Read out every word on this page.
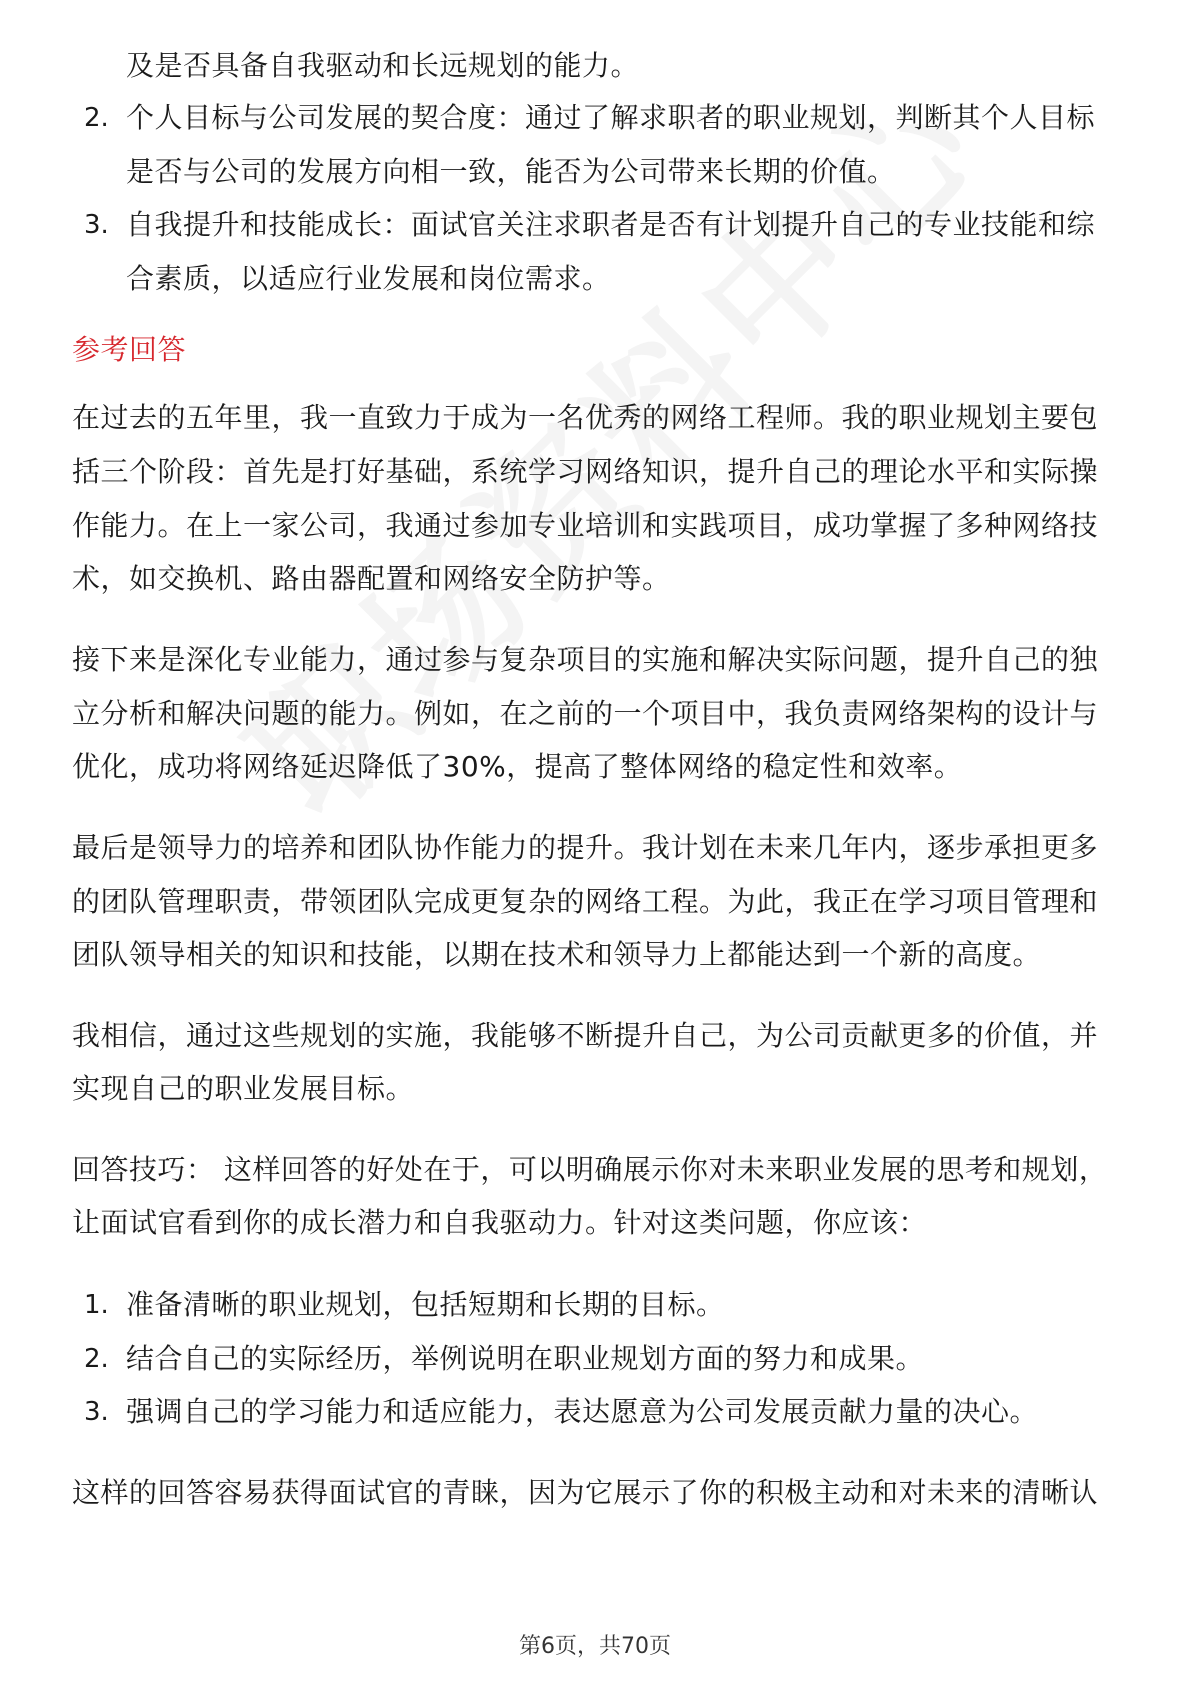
及是否具备自我驱动和长远规划的能力。
2. 个人目标与公司发展的契合度：通过了解求职者的职业规划，判断其个人目标
是否与公司的发展方向相一致，能否为公司带来长期的价值。
3. 自我提升和技能成长：面试官关注求职者是否有计划提升自己的专业技能和综
合素质，以适应行业发展和岗位需求。
参考回答
在过去的五年里，我一直致力于成为一名优秀的网络工程师。我的职业规划主要包
括三个阶段：首先是打好基础，系统学习网络知识，提升自己的理论水平和实际操
作能力。在上一家公司，我通过参加专业培训和实践项目，成功掌握了多种网络技
术，如交换机、路由器配置和网络安全防护等。
接下来是深化专业能力，通过参与复杂项目的实施和解决实际问题，提升自己的独
立分析和解决问题的能力。例如，在之前的一个项目中，我负责网络架构的设计与
优化，成功将网络延迟降低了30%，提高了整体网络的稳定性和效率。
最后是领导力的培养和团队协作能力的提升。我计划在未来几年内，逐步承担更多
的团队管理职责，带领团队完成更复杂的网络工程。为此，我正在学习项目管理和
团队领导相关的知识和技能，以期在技术和领导力上都能达到一个新的高度。
我相信，通过这些规划的实施，我能够不断提升自己，为公司贡献更多的价值，并
实现自己的职业发展目标。
回答技巧： 这样回答的好处在于，可以明确展示你对未来职业发展的思考和规划，
让面试官看到你的成长潜力和自我驱动力。针对这类问题，你应该：
1. 准备清晰的职业规划，包括短期和长期的目标。
2. 结合自己的实际经历，举例说明在职业规划方面的努力和成果。
3. 强调自己的学习能力和适应能力，表达愿意为公司发展贡献力量的决心。
这样的回答容易获得面试官的青睐，因为它展示了你的积极主动和对未来的清晰认
第6页，共70页
